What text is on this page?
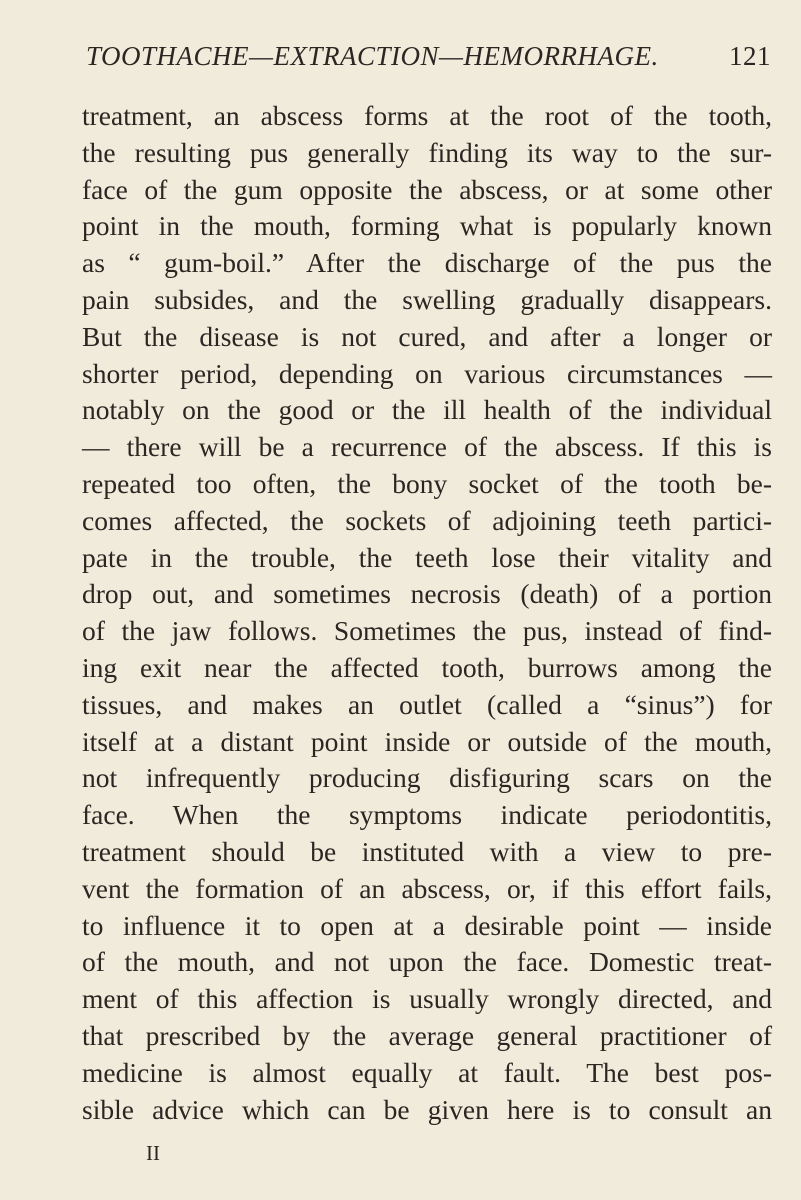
TOOTHACHE—EXTRACTION—HEMORRHAGE.	121
treatment, an abscess forms at the root of the tooth,
the resulting pus generally finding its way to the sur-
face of the gum opposite the abscess, or at some other
point in the mouth, forming what is popularly known
as “ gum-boil.” After the discharge of the pus the
pain subsides, and the swelling gradually disappears.
But the disease is not cured, and after a longer or
shorter period, depending on various circumstances —
notably on the good or the ill health of the individual
— there will be a recurrence of the abscess. If this is
repeated too often, the bony socket of the tooth be-
comes affected, the sockets of adjoining teeth partici-
pate in the trouble, the teeth lose their vitality and
drop out, and sometimes necrosis (death) of a portion
of the jaw follows. Sometimes the pus, instead of find-
ing exit near the affected tooth, burrows among the
tissues, and makes an outlet (called a “sinus”) for
itself at a distant point inside or outside of the mouth,
not infrequently producing disfiguring scars on the
face. When the symptoms indicate periodontitis,
treatment should be instituted with a view to pre-
vent the formation of an abscess, or, if this effort fails,
to influence it to open at a desirable point — inside
of the mouth, and not upon the face. Domestic treat-
ment of this affection is usually wrongly directed, and
that prescribed by the average general practitioner of
medicine is almost equally at fault. The best pos-
sible advice which can be given here is to consult an
II
